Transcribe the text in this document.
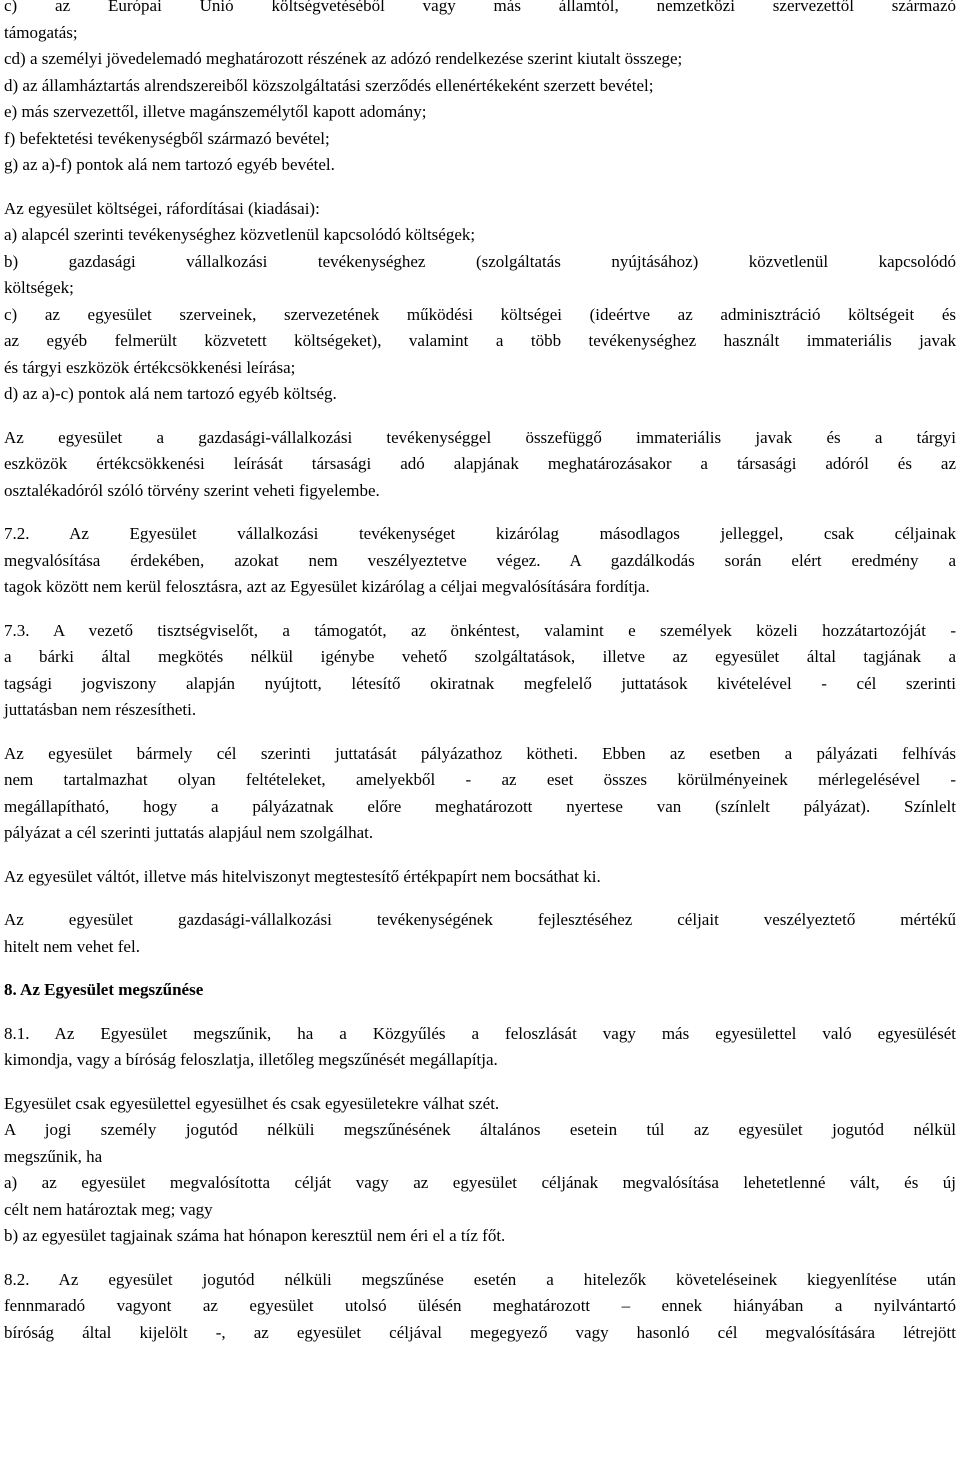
c) az Európai Unió költségvetéséből vagy más államtól, nemzetközi szervezettől származó
támogatás;
cd) a személyi jövedelemadó meghatározott részének az adózó rendelkezése szerint kiutalt összege;
d) az államháztartás alrendszereiből közszolgáltatási szerződés ellenértékeként szerzett bevétel;
e) más szervezettől, illetve magánszemélytől kapott adomány;
f) befektetési tevékenységből származó bevétel;
g) az a)-f) pontok alá nem tartozó egyéb bevétel.
Az egyesület költségei, ráfordításai (kiadásai):
a) alapcél szerinti tevékenységhez közvetlenül kapcsolódó költségek;
b) gazdasági vállalkozási tevékenységhez (szolgáltatás nyújtásához) közvetlenül kapcsolódó
költségek;
c) az egyesület szerveinek, szervezetének működési költségei (ideértve az adminisztráció költségeit és
az egyéb felmerült közvetett költségeket), valamint a több tevékenységhez használt immateriális javak
és tárgyi eszközök értékcsökkenési leírása;
d) az a)-c) pontok alá nem tartozó egyéb költség.
Az egyesület a gazdasági-vállalkozási tevékenységgel összefüggő immateriális javak és a tárgyi
eszközök értékcsökkenési leírását társasági adó alapjának meghatározásakor a társasági adóról és az
osztalékadóról szóló törvény szerint veheti figyelembe.
7.2. Az Egyesület vállalkozási tevékenységet kizárólag másodlagos jelleggel, csak céljainak
megvalósítása érdekében, azokat nem veszélyeztetve végez. A gazdálkodás során elért eredmény a
tagok között nem kerül felosztásra, azt az Egyesület kizárólag a céljai megvalósítására fordítja.
7.3. A vezető tisztségviselőt, a támogatót, az önkéntest, valamint e személyek közeli hozzátartozóját -
a bárki által megkötés nélkül igénybe vehető szolgáltatások, illetve az egyesület által tagjának a
tagsági jogviszony alapján nyújtott, létesítő okiratnak megfelelő juttatások kivételével - cél szerinti
juttatásban nem részesítheti.
Az egyesület bármely cél szerinti juttatását pályázathoz kötheti. Ebben az esetben a pályázati felhívás
nem tartalmazhat olyan feltételeket, amelyekből - az eset összes körülményeinek mérlegelésével -
megállapítható, hogy a pályázatnak előre meghatározott nyertese van (színlelt pályázat). Színlelt
pályázat a cél szerinti juttatás alapjául nem szolgálhat.
Az egyesület váltót, illetve más hitelviszonyt megtestesítő értékpapírt nem bocsáthat ki.
Az egyesület gazdasági-vállalkozási tevékenységének fejlesztéséhez céljait veszélyeztető mértékű
hitelt nem vehet fel.
8. Az Egyesület megszűnése
8.1. Az Egyesület megszűnik, ha a Közgyűlés a feloszlását vagy más egyesülettel való egyesülését
kimondja, vagy a bíróság feloszlatja, illetőleg megszűnését megállapítja.
Egyesület csak egyesülettel egyesülhet és csak egyesületekre válhat szét.
A jogi személy jogutód nélküli megszűnésének általános esetein túl az egyesület jogutód nélkül
megszűnik, ha
a) az egyesület megvalósította célját vagy az egyesület céljának megvalósítása lehetetlenné vált, és új
célt nem határoztak meg; vagy
b) az egyesület tagjainak száma hat hónapon keresztül nem éri el a tíz főt.
8.2. Az egyesület jogutód nélküli megszűnése esetén a hitelezők követeléseinek kiegyenlítése után
fennmaradó vagyont az egyesület utolsó ülésén meghatározott – ennek hiányában a nyilvántartó
bíróság által kijelölt -, az egyesület céljával megegyező vagy hasonló cél megvalósítására létrejött
